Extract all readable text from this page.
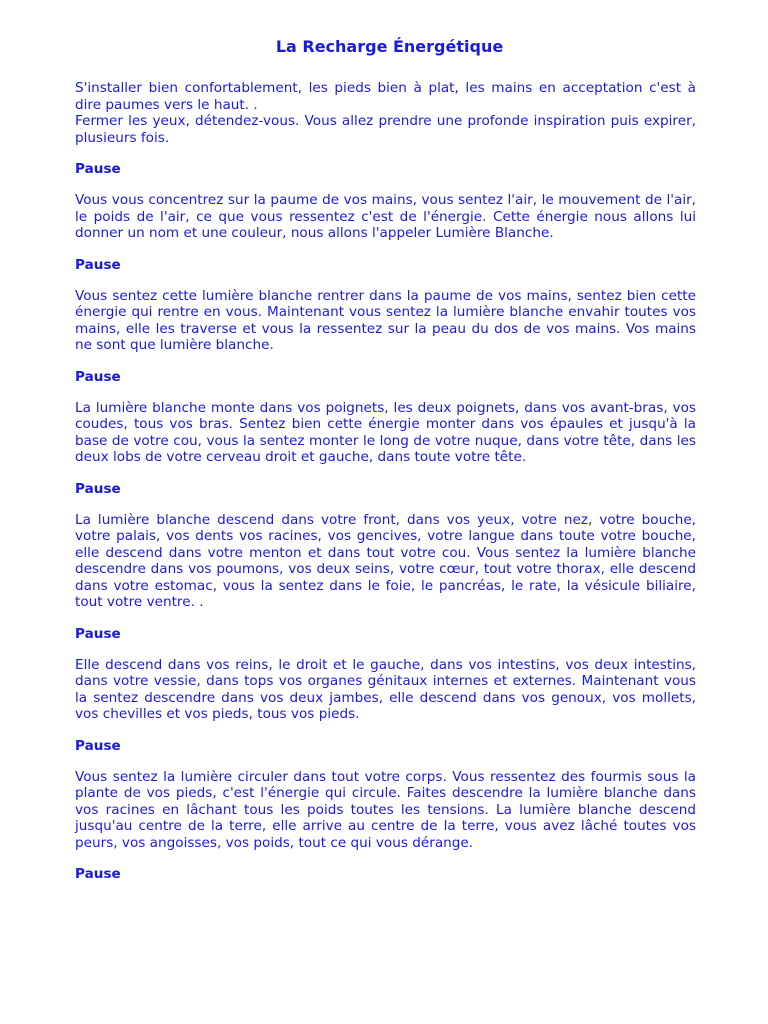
La Recharge Énergétique

S'installer bien confortablement, les pieds bien à plat, les mains en acceptation c'est à dire paumes vers le haut. .
Fermer les yeux, détendez-vous. Vous allez prendre une profonde inspiration puis expirer, plusieurs fois.

Pause

Vous vous concentrez sur la paume de vos mains, vous sentez l'air, le mouvement de l'air, le poids de l'air, ce que vous ressentez c'est de l'énergie. Cette énergie nous allons lui donner un nom et une couleur, nous allons l'appeler Lumière Blanche.

Pause

Vous sentez cette lumière blanche rentrer dans la paume de vos mains, sentez bien cette énergie qui rentre en vous. Maintenant vous sentez la lumière blanche envahir toutes vos mains, elle les traverse et vous la ressentez sur la peau du dos de vos mains. Vos mains ne sont que lumière blanche.

Pause

La lumière blanche monte dans vos poignets, les deux poignets, dans vos avant-bras, vos coudes, tous vos bras. Sentez bien cette énergie monter dans vos épaules et jusqu'à la base de votre cou, vous la sentez monter le long de votre nuque, dans votre tête, dans les deux lobs de votre cerveau droit et gauche, dans toute votre tête.

Pause

La lumière blanche descend dans votre front, dans vos yeux, votre nez, votre bouche, votre palais, vos dents vos racines, vos gencives, votre langue dans toute votre bouche, elle descend dans votre menton et dans tout votre cou. Vous sentez la lumière blanche descendre dans vos poumons, vos deux seins, votre cœur, tout votre thorax, elle descend dans votre estomac, vous la sentez dans le foie, le pancréas, le rate, la vésicule biliaire, tout votre ventre. .

Pause

Elle descend dans vos reins, le droit et le gauche, dans vos intestins, vos deux intestins, dans votre vessie, dans tops vos organes génitaux internes et externes. Maintenant vous la sentez descendre dans vos deux jambes, elle descend dans vos genoux, vos mollets, vos chevilles et vos pieds, tous vos pieds.

Pause

Vous sentez la lumière circuler dans tout votre corps. Vous ressentez des fourmis sous la plante de vos pieds, c'est l'énergie qui circule. Faites descendre la lumière blanche dans vos racines en lâchant tous les poids toutes les tensions. La lumière blanche descend jusqu'au centre de la terre, elle arrive au centre de la terre, vous avez lâché toutes vos peurs, vos angoisses, vos poids, tout ce qui vous dérange.

Pause
